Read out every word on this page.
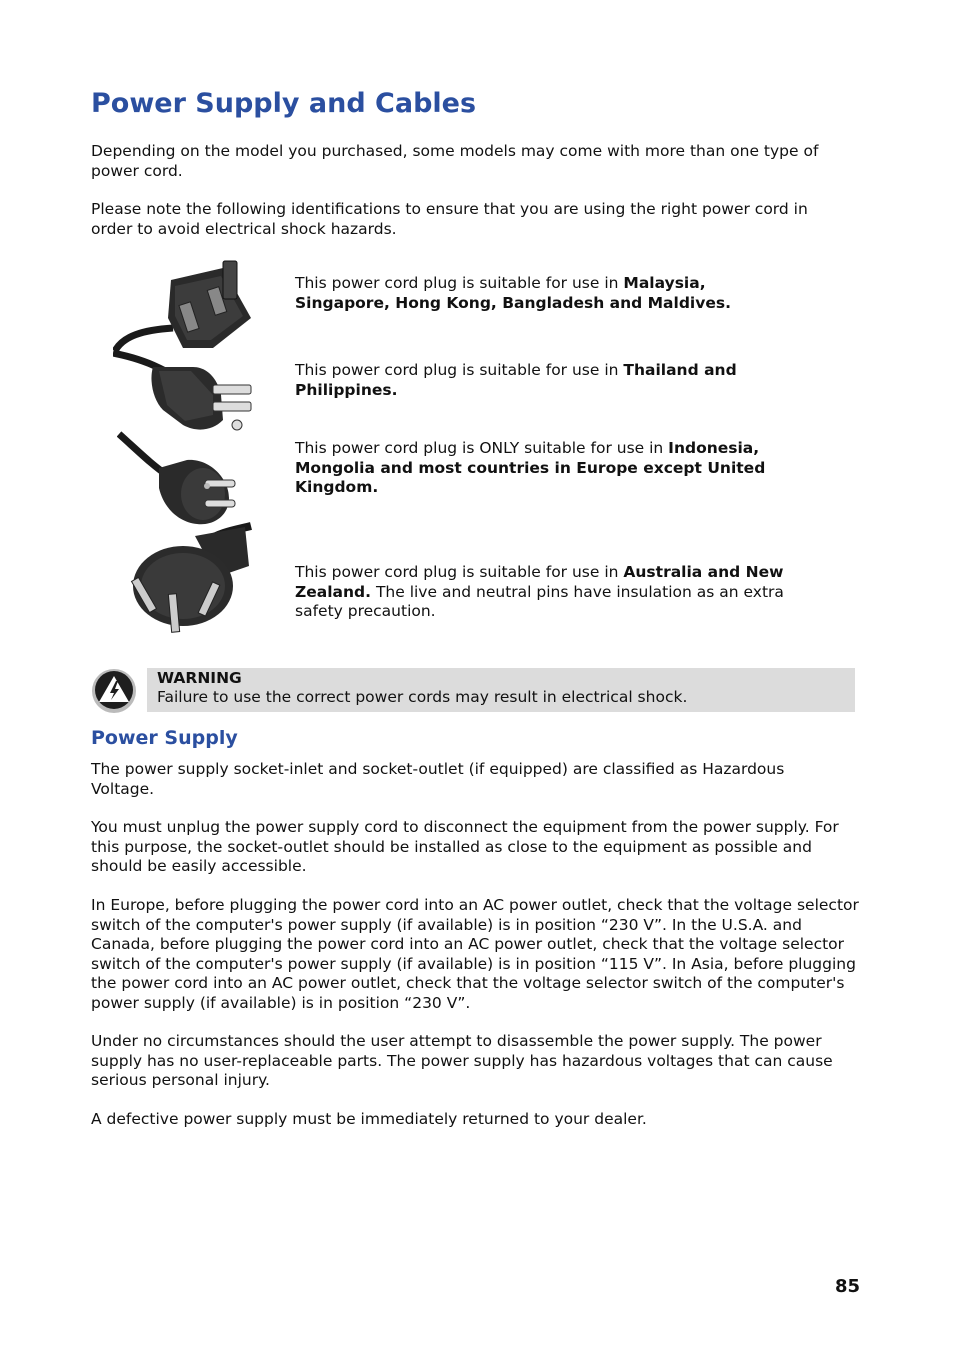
Power Supply and Cables

Depending on the model you purchased, some models may come with more than one type of power cord.

Please note the following identifications to ensure that you are using the right power cord in order to avoid electrical shock hazards.

This power cord plug is suitable for use in Malaysia, Singapore, Hong Kong, Bangladesh and Maldives.
This power cord plug is suitable for use in Thailand and Philippines.
This power cord plug is ONLY suitable for use in Indonesia, Mongolia and most countries in Europe except United Kingdom.
This power cord plug is suitable for use in Australia and New Zealand. The live and neutral pins have insulation as an extra safety precaution.
WARNING
Failure to use the correct power cords may result in electrical shock.
Power Supply

The power supply socket-inlet and socket-outlet (if equipped) are classified as Hazardous Voltage.

You must unplug the power supply cord to disconnect the equipment from the power supply. For this purpose, the socket-outlet should be installed as close to the equipment as possible and should be easily accessible.

In Europe, before plugging the power cord into an AC power outlet, check that the voltage selector switch of the computer's power supply (if available) is in position “230 V”. In the U.S.A. and Canada, before plugging the power cord into an AC power outlet, check that the voltage selector switch of the computer's power supply (if available) is in position “115 V”. In Asia, before plugging the power cord into an AC power outlet, check that the voltage selector switch of the computer's power supply (if available) is in position “230 V”.

Under no circumstances should the user attempt to disassemble the power supply. The power supply has no user-replaceable parts. The power supply has hazardous voltages that can cause serious personal injury.

A defective power supply must be immediately returned to your dealer.

85
